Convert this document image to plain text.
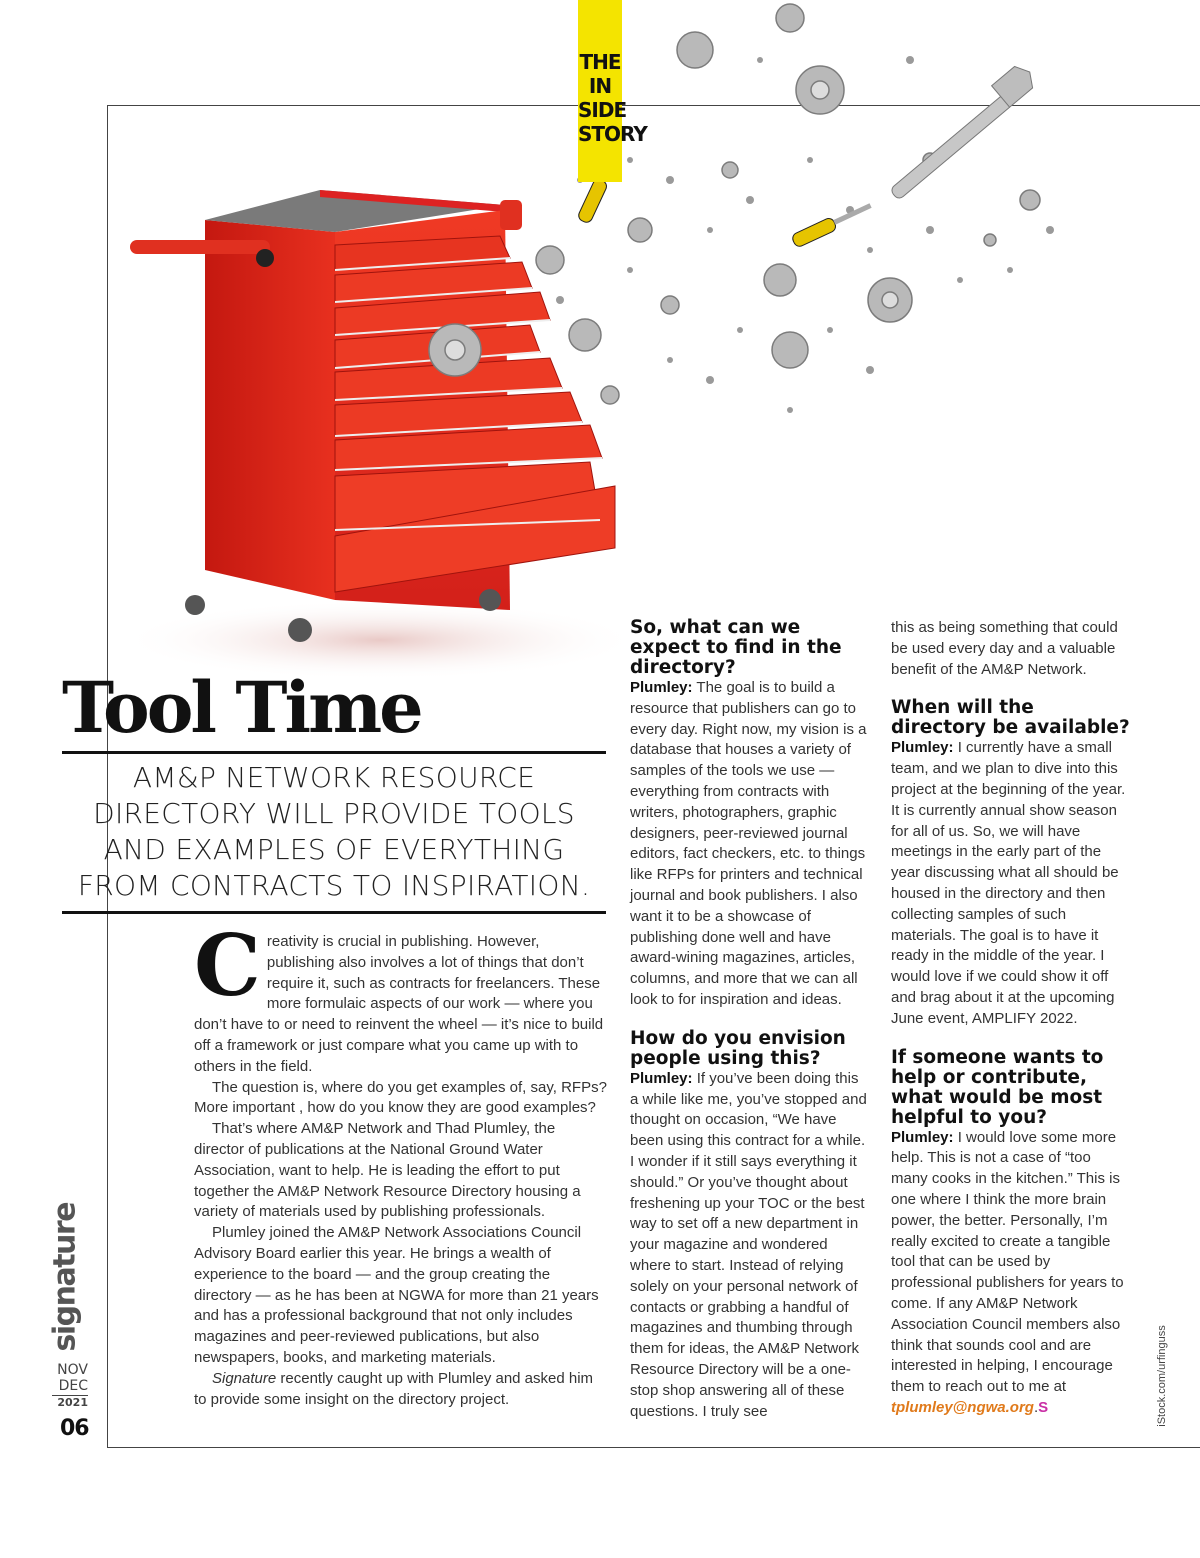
THE
IN
SIDE
STORY
Tool Time

AM&P NETWORK RESOURCE DIRECTORY WILL PROVIDE TOOLS AND EXAMPLES OF EVERYTHING FROM CONTRACTS TO INSPIRATION.

Creativity is crucial in publishing. However, publishing also involves a lot of things that don’t require it, such as contracts for freelancers. These more formulaic aspects of our work — where you don’t have to or need to reinvent the wheel — it’s nice to build off a framework or just compare what you came up with to others in the field.

The question is, where do you get examples of, say, RFPs? More important , how do you know they are good examples?

That’s where AM&P Network and Thad Plumley, the director of publications at the National Ground Water Association, want to help. He is leading the effort to put together the AM&P Network Resource Directory housing a variety of materials used by publishing professionals.

Plumley joined the AM&P Network Associations Council Advisory Board earlier this year. He brings a wealth of experience to the board — and the group creating the directory — as he has been at NGWA for more than 21 years and has a professional background that not only includes magazines and peer-reviewed publications, but also newspapers, books, and marketing materials.

Signature recently caught up with Plumley and asked him to provide some insight on the directory project.

So, what can we expect to find in the directory?

Plumley: The goal is to build a resource that publishers can go to every day. Right now, my vision is a database that houses a variety of samples of the tools we use — everything from contracts with writers, photographers, graphic designers, peer-reviewed journal editors, fact checkers, etc. to things like RFPs for printers and technical journal and book publishers. I also want it to be a showcase of publishing done well and have award-wining magazines, articles, columns, and more that we can all look to for inspiration and ideas.

How do you envision people using this?

Plumley: If you’ve been doing this a while like me, you’ve stopped and thought on occasion, “We have been using this contract for a while. I wonder if it still says everything it should.” Or you’ve thought about freshening up your TOC or the best way to set off a new department in your magazine and wondered where to start. Instead of relying solely on your personal network of contacts or grabbing a handful of magazines and thumbing through them for ideas, the AM&P Network Resource Directory will be a one-stop shop answering all of these questions. I truly see

this as being something that could be used every day and a valuable benefit of the AM&P Network.

When will the directory be available?

Plumley: I currently have a small team, and we plan to dive into this project at the beginning of the year. It is currently annual show season for all of us. So, we will have meetings in the early part of the year discussing what all should be housed in the directory and then collecting samples of such materials. The goal is to have it ready in the middle of the year. I would love if we could show it off and brag about it at the upcoming June event, AMPLIFY 2022.

If someone wants to help or contribute, what would be most helpful to you?

Plumley: I would love some more help. This is not a case of “too many cooks in the kitchen.” This is one where I think the more brain power, the better. Personally, I’m really excited to create a tangible tool that can be used by professional publishers for years to come. If any AM&P Network Association Council members also think that sounds cool and are interested in helping, I encourage them to reach out to me at tplumley@ngwa.org.S

signature
NOV
DEC
2021
06
iStock.com/urfinguss
